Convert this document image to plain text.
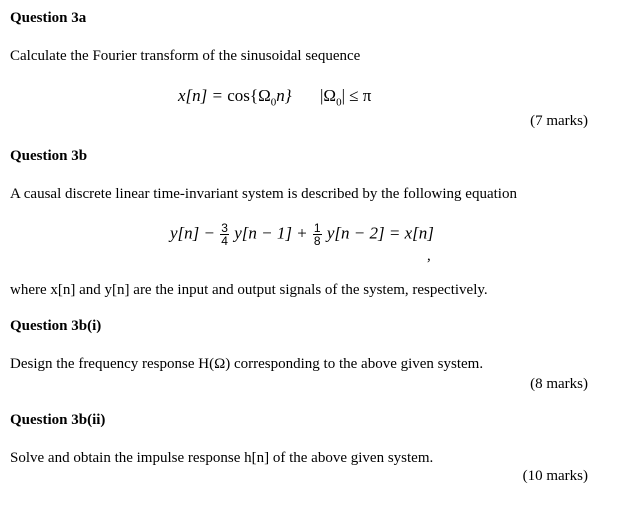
Question 3a
Calculate the Fourier transform of the sinusoidal sequence
$x[n] = \cos\{\Omega_0n\} |\Omega_0| \le \pi$
(7 marks)
Question 3b
A causal discrete linear time-invariant system is described by the following equation
$y[n] - \frac{3}{4} y[n - 1] + \frac{1}{8} y[n - 2] = x[n]$
,
where x[n] and y[n] are the input and output signals of the system, respectively.
Question 3b(i)
Design the frequency response H(Ω) corresponding to the above given system.
(8 marks)
Question 3b(ii)
Solve and obtain the impulse response h[n] of the above given system.
(10 marks)
